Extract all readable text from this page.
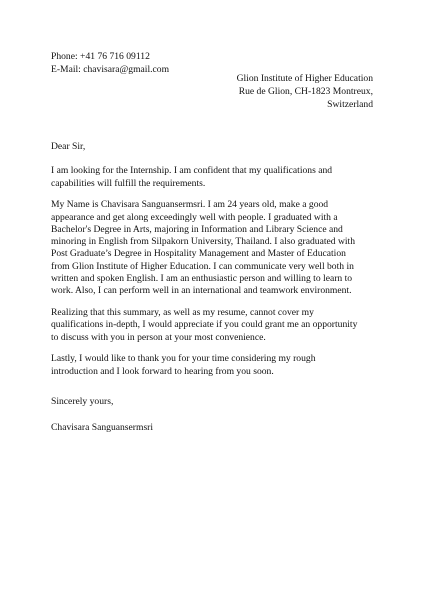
Phone: +41 76 716 09112
E-Mail: chavisara@gmail.com
Glion Institute of Higher Education
Rue de Glion, CH-1823 Montreux,
Switzerland
Dear Sir,
I am looking for the Internship. I am confident that my qualifications and
capabilities will fulfill the requirements.
My Name is Chavisara Sanguansermsri. I am 24 years old, make a good
appearance and get along exceedingly well with people. I graduated with a
Bachelor's Degree in Arts, majoring in Information and Library Science and
minoring in English from Silpakorn University, Thailand. I also graduated with
Post Graduate’s Degree in Hospitality Management and Master of Education
from Glion Institute of Higher Education. I can communicate very well both in
written and spoken English. I am an enthusiastic person and willing to learn to
work. Also, I can perform well in an international and teamwork environment.
Realizing that this summary, as well as my resume, cannot cover my
qualifications in-depth, I would appreciate if you could grant me an opportunity
to discuss with you in person at your most convenience.
Lastly, I would like to thank you for your time considering my rough
introduction and I look forward to hearing from you soon.
Sincerely yours,
Chavisara Sanguansermsri
